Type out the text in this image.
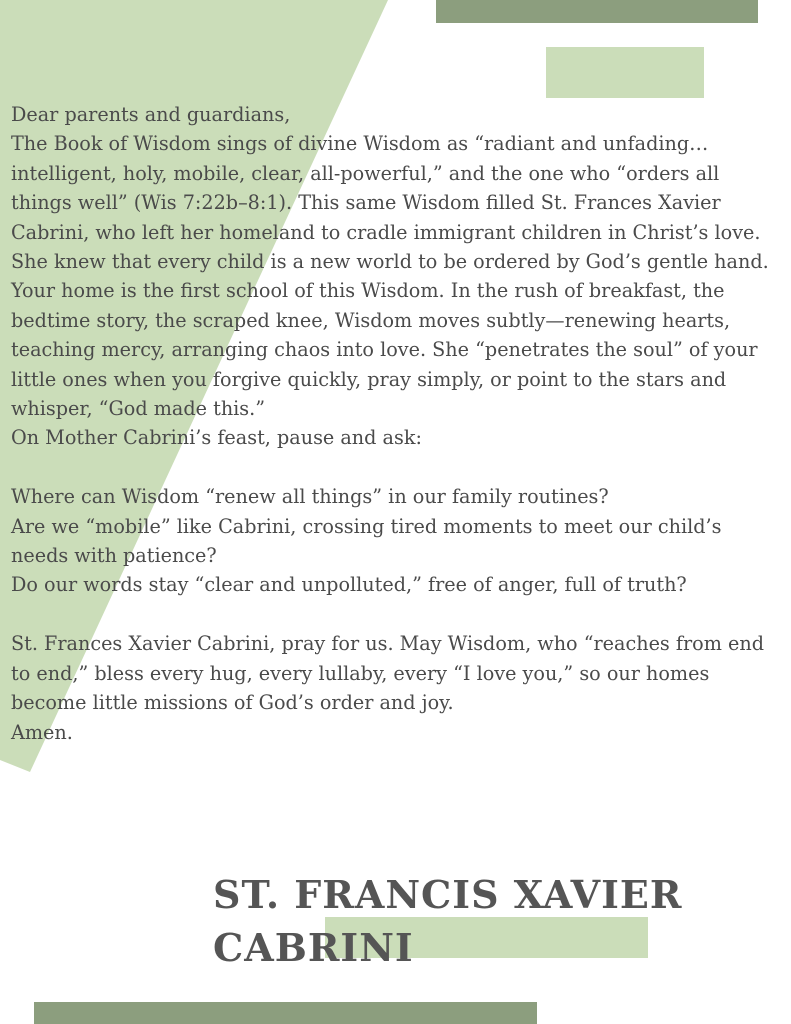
Dear parents and guardians,

The Book of Wisdom sings of divine Wisdom as “radiant and unfading… intelligent, holy, mobile, clear, all-powerful,” and the one who “orders all things well” (Wis 7:22b–8:1). This same Wisdom filled St. Frances Xavier Cabrini, who left her homeland to cradle immigrant children in Christ’s love. She knew that every child is a new world to be ordered by God’s gentle hand.

Your home is the first school of this Wisdom. In the rush of breakfast, the bedtime story, the scraped knee, Wisdom moves subtly—renewing hearts, teaching mercy, arranging chaos into love. She “penetrates the soul” of your little ones when you forgive quickly, pray simply, or point to the stars and whisper, “God made this.”

On Mother Cabrini’s feast, pause and ask:

Where can Wisdom “renew all things” in our family routines?

Are we “mobile” like Cabrini, crossing tired moments to meet our child’s needs with patience?

Do our words stay “clear and unpolluted,” free of anger, full of truth?

St. Frances Xavier Cabrini, pray for us. May Wisdom, who “reaches from end to end,” bless every hug, every lullaby, every “I love you,” so our homes become little missions of God’s order and joy.

Amen.

ST. FRANCIS XAVIER
CABRINI
